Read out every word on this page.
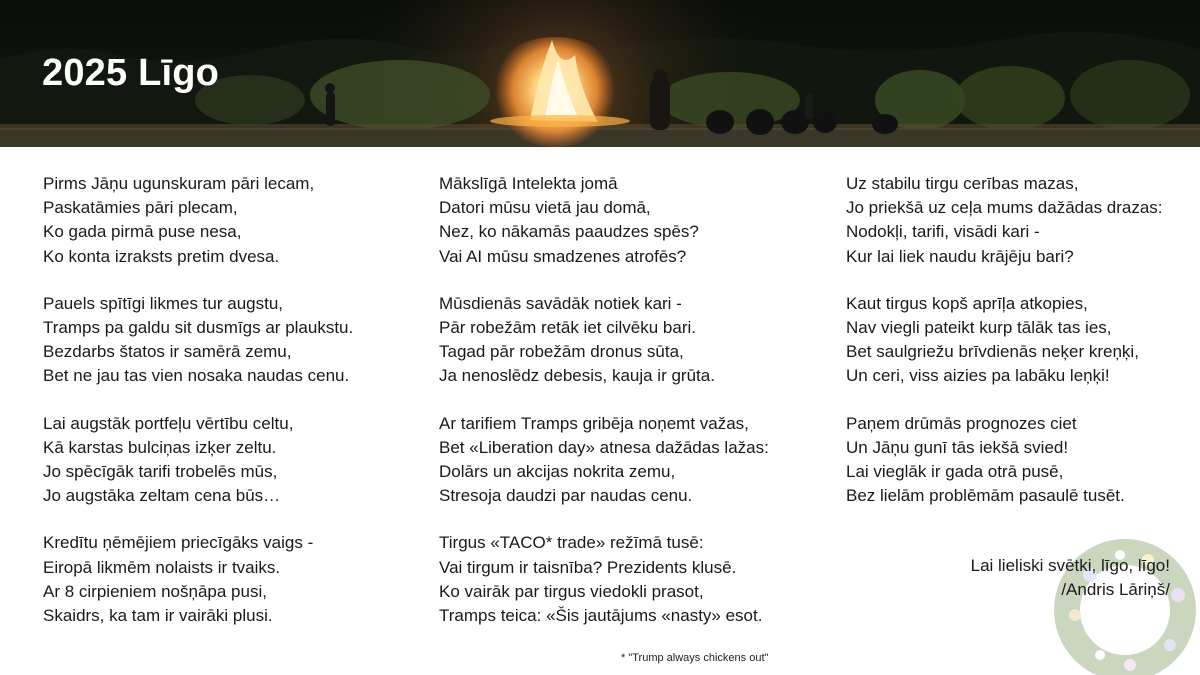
2025 Līgo
Pirms Jāņu ugunskuram pāri lecam,
Paskatāmies pāri plecam,
Ko gada pirmā puse nesa,
Ko konta izraksts pretim dvesa.
Pauels spītīgi likmes tur augstu,
Tramps pa galdu sit dusmīgs ar plaukstu.
Bezdarbs štatos ir samērā zemu,
Bet ne jau tas vien nosaka naudas cenu.
Lai augstāk portfeļu vērtību celtu,
Kā karstas bulciņas izķer zeltu.
Jo spēcīgāk tarifi trobelēs mūs,
Jo augstāka zeltam cena būs…
Kredītu ņēmējiem priecīgāks vaigs -
Eiropā likmēm nolaists ir tvaiks.
Ar 8 cirpieniem nošņāpa pusi,
Skaidrs, ka tam ir vairāki plusi.
Mākslīgā Intelekta jomā
Datori mūsu vietā jau domā,
Nez, ko nākamās paaudzes spēs?
Vai AI mūsu smadzenes atrofēs?
Mūsdienās savādāk notiek kari -
Pār robežām retāk iet cilvēku bari.
Tagad pār robežām dronus sūta,
Ja nenoslēdz debesis, kauja ir grūta.
Ar tarifiem Tramps gribēja noņemt važas,
Bet «Liberation day» atnesa dažādas lažas:
Dolārs un akcijas nokrita zemu,
Stresoja daudzi par naudas cenu.
Tirgus «TACO* trade» režīmā tusē:
Vai tirgum ir taisnība? Prezidents klusē.
Ko vairāk par tirgus viedokli prasot,
Tramps teica: «Šis jautājums «nasty» esot.
Uz stabilu tirgu cerības mazas,
Jo priekšā uz ceļa mums dažādas drazas:
Nodokļi, tarifi, visādi kari -
Kur lai liek naudu krājēju bari?
Kaut tirgus kopš aprīļa atkopies,
Nav viegli pateikt kurp tālāk tas ies,
Bet saulgriežu brīvdienās neķer kreņķi,
Un ceri, viss aizies pa labāku leņķi!
Paņem drūmās prognozes ciet
Un Jāņu gunī tās iekšā svied!
Lai vieglāk ir gada otrā pusē,
Bez lielām problēmām pasaulē tusēt.
Lai lieliski svētki, līgo, līgo!
/Andris Lāriņš/
* "Trump always chickens out"
